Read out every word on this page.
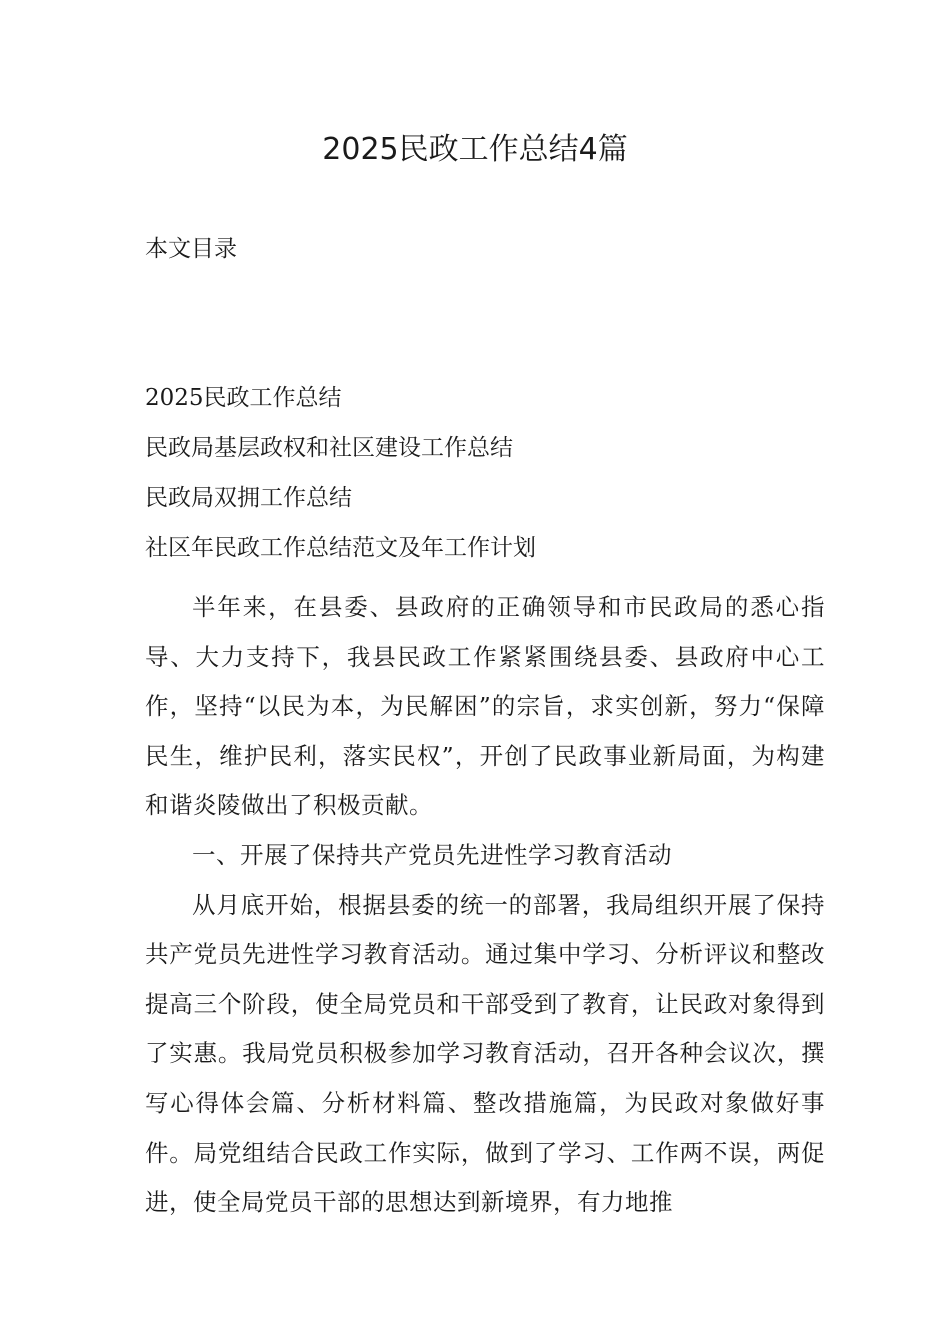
2025民政工作总结4篇
本文目录
2025民政工作总结
民政局基层政权和社区建设工作总结
民政局双拥工作总结
社区年民政工作总结范文及年工作计划

半年来，在县委、县政府的正确领导和市民政局的悉心指导、大力支持下，我县民政工作紧紧围绕县委、县政府中心工作，坚持“以民为本，为民解困”的宗旨，求实创新，努力“保障民生，维护民利，落实民权”，开创了民政事业新局面，为构建和谐炎陵做出了积极贡献。

一、开展了保持共产党员先进性学习教育活动

从月底开始，根据县委的统一的部署，我局组织开展了保持共产党员先进性学习教育活动。通过集中学习、分析评议和整改提高三个阶段，使全局党员和干部受到了教育，让民政对象得到了实惠。我局党员积极参加学习教育活动，召开各种会议次，撰写心得体会篇、分析材料篇、整改措施篇，为民政对象做好事件。局党组结合民政工作实际，做到了学习、工作两不误，两促进，使全局党员干部的思想达到新境界，有力地推
